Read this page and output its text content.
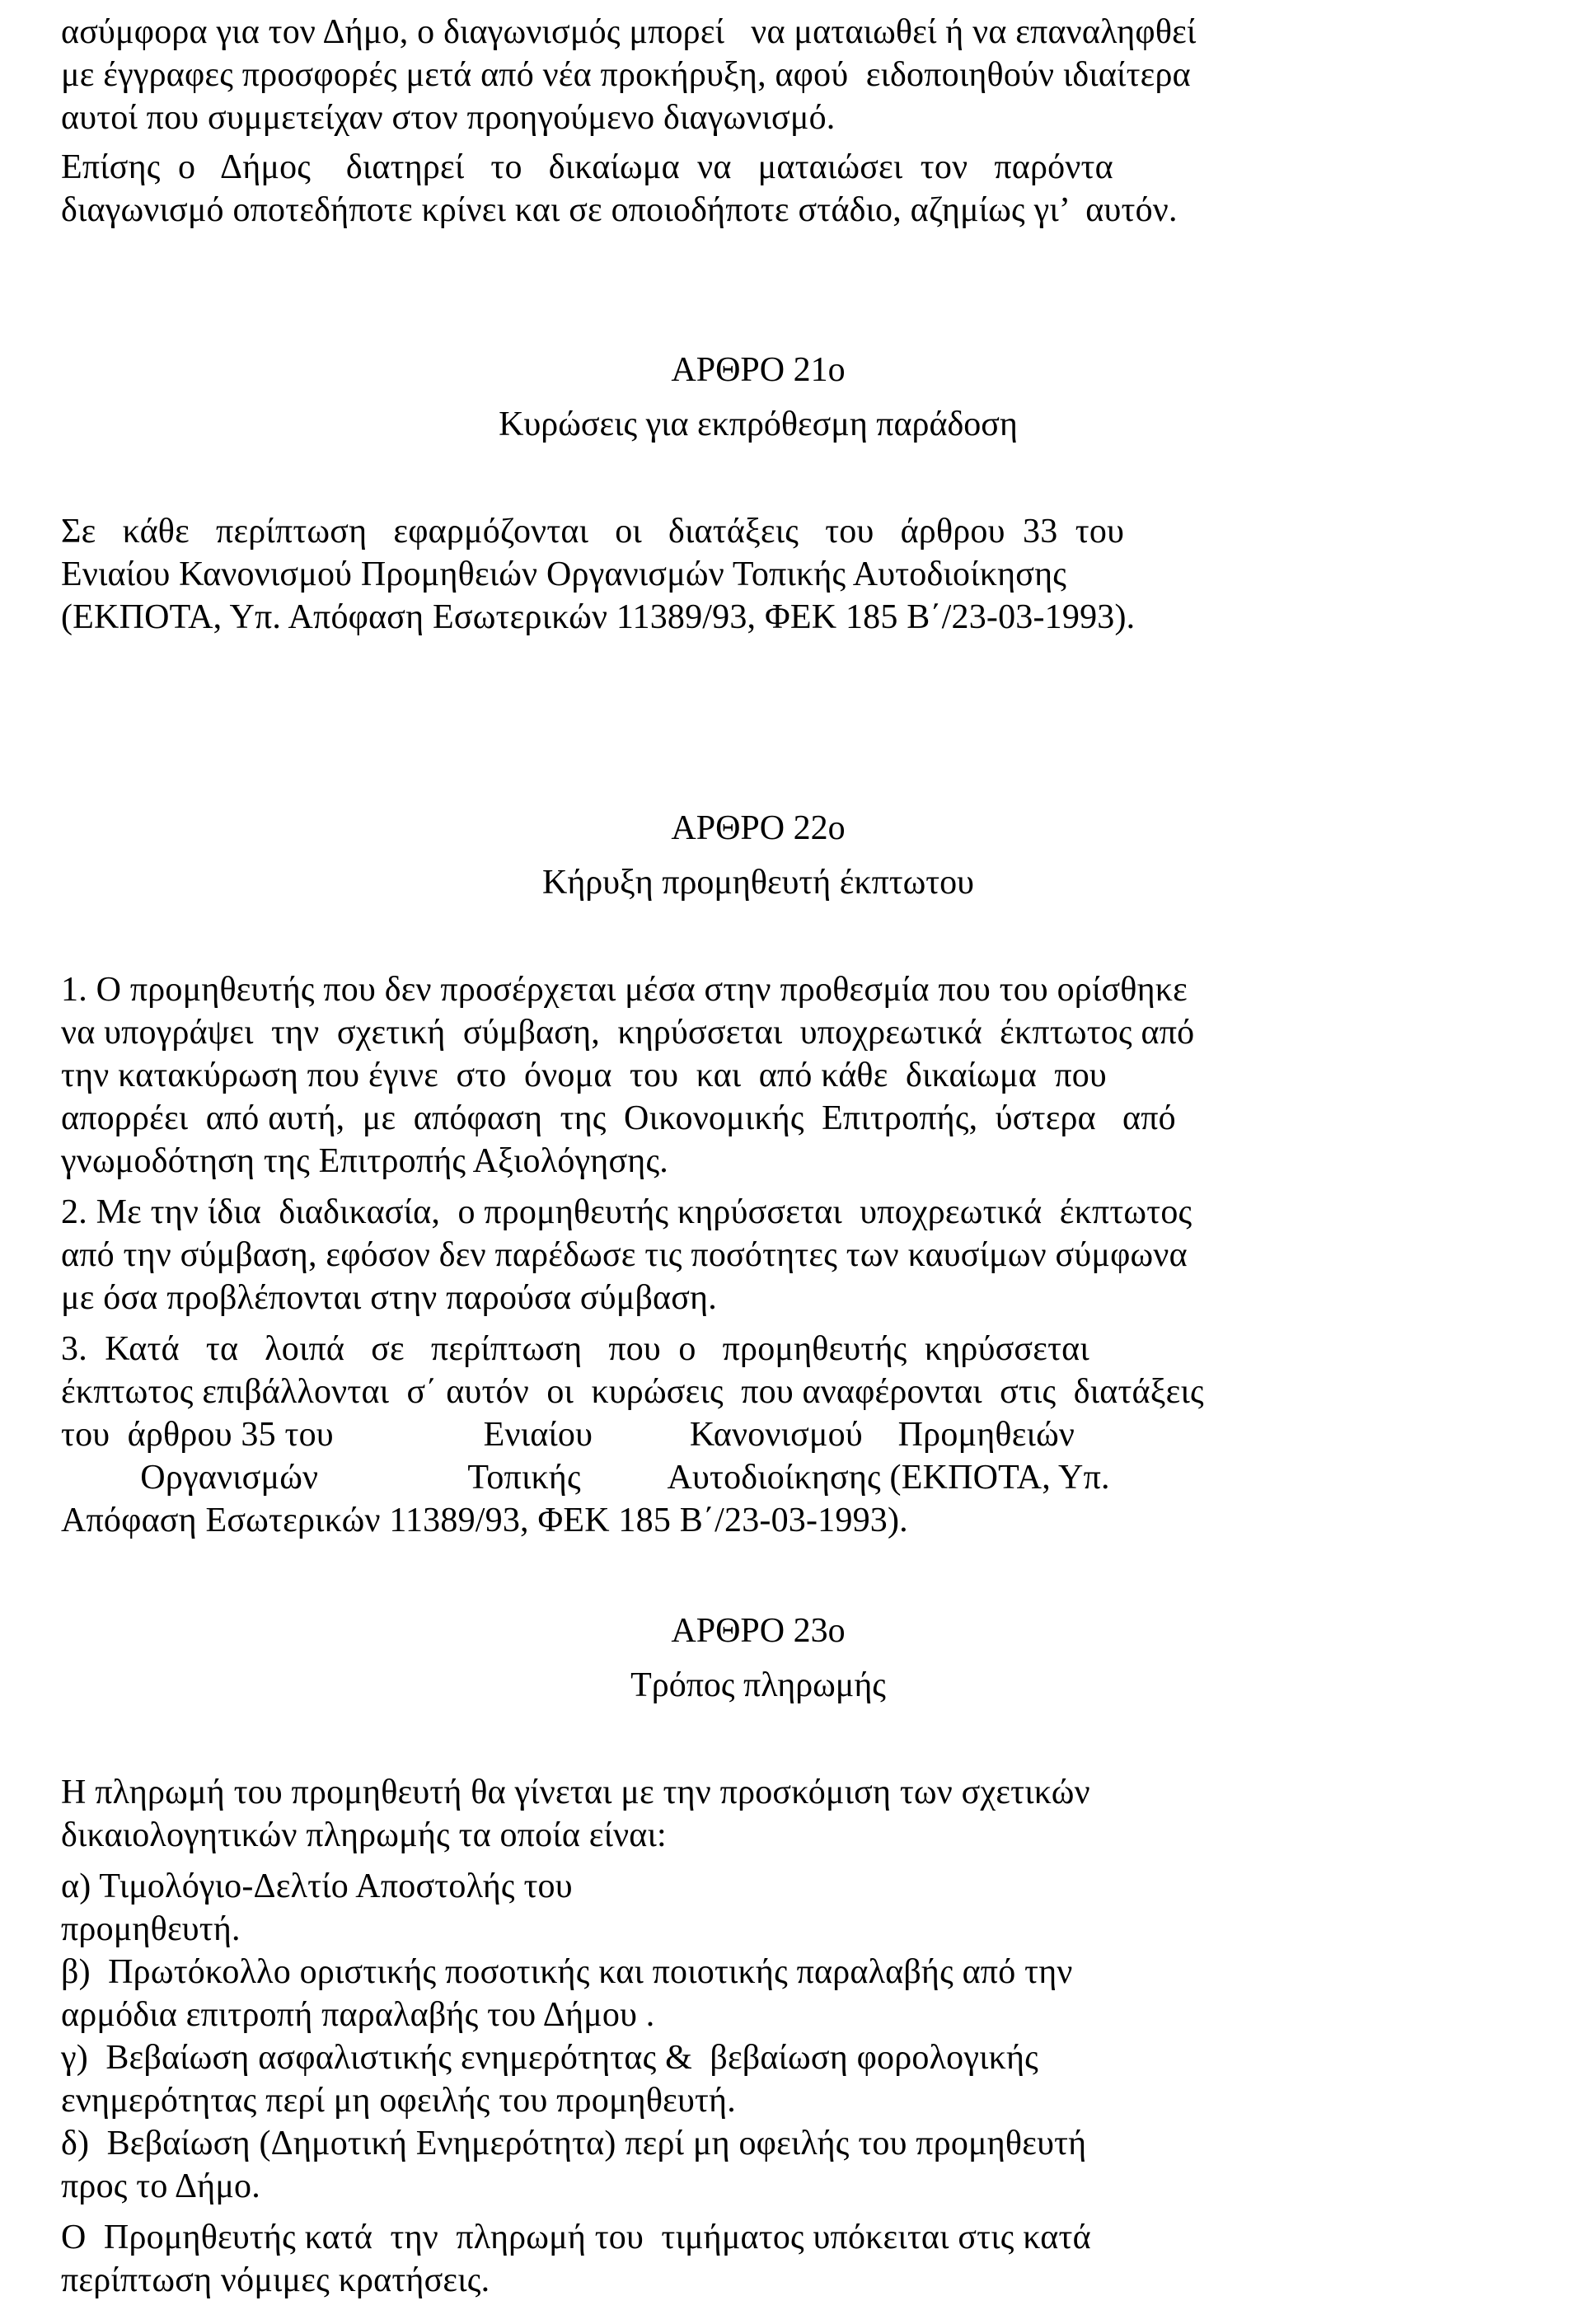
ασύμφορα για τον Δήμο, ο διαγωνισμός μπορεί   να ματαιωθεί ή να επαναληφθεί
με έγγραφες προσφορές μετά από νέα προκήρυξη, αφού  ειδοποιηθούν ιδιαίτερα
αυτοί που συμμετείχαν στον προηγούμενο διαγωνισμό.
Επίσης  ο   Δήμος    διατηρεί   το   δικαίωμα  να   ματαιώσει  τον   παρόντα
διαγωνισμό οποτεδήποτε κρίνει και σε οποιοδήποτε στάδιο, αζημίως γι’  αυτόν.
ΑΡΘΡΟ 21ο
Κυρώσεις για εκπρόθεσμη παράδοση
Σε   κάθε   περίπτωση   εφαρμόζονται   οι   διατάξεις   του   άρθρου  33  του
Ενιαίου Κανονισμού Προμηθειών Οργανισμών Τοπικής Αυτοδιοίκησης
(ΕΚΠΟΤΑ, Υπ. Απόφαση Εσωτερικών 11389/93, ΦΕΚ 185 Β΄/23-03-1993).
ΑΡΘΡΟ 22ο
Κήρυξη προμηθευτή έκπτωτου
1. Ο προμηθευτής που δεν προσέρχεται μέσα στην προθεσμία που του ορίσθηκε
να υπογράψει  την  σχετική  σύμβαση,  κηρύσσεται  υποχρεωτικά  έκπτωτος από
την κατακύρωση που έγινε  στο  όνομα  του  και  από κάθε  δικαίωμα  που
απορρέει  από αυτή,  με  απόφαση  της  Οικονομικής  Επιτροπής,  ύστερα   από
γνωμοδότηση της Επιτροπής Αξιολόγησης.
2. Με την ίδια  διαδικασία,  ο προμηθευτής κηρύσσεται  υποχρεωτικά  έκπτωτος
από την σύμβαση, εφόσον δεν παρέδωσε τις ποσότητες των καυσίμων σύμφωνα
με όσα προβλέπονται στην παρούσα σύμβαση.
3.  Κατά   τα   λοιπά   σε   περίπτωση   που  ο   προμηθευτής  κηρύσσεται
έκπτωτος επιβάλλονται  σ΄ αυτόν  οι  κυρώσεις  που αναφέρονται  στις  διατάξεις
του  άρθρου 35 του                 Ενιαίου           Κανονισμού    Προμηθειών
Οργανισμών                 Τοπικής          Αυτοδιοίκησης (ΕΚΠΟΤΑ, Υπ.
Απόφαση Εσωτερικών 11389/93, ΦΕΚ 185 Β΄/23-03-1993).
ΑΡΘΡΟ 23ο
Τρόπος πληρωμής
Η πληρωμή του προμηθευτή θα γίνεται με την προσκόμιση των σχετικών
δικαιολογητικών πληρωμής τα οποία είναι:
α) Τιμολόγιο-Δελτίο Αποστολής του
προμηθευτή.
β)  Πρωτόκολλο οριστικής ποσοτικής και ποιοτικής παραλαβής από την
αρμόδια επιτροπή παραλαβής του Δήμου .
γ)  Βεβαίωση ασφαλιστικής ενημερότητας &  βεβαίωση φορολογικής
ενημερότητας περί μη οφειλής του προμηθευτή.
δ)  Βεβαίωση (Δημοτική Ενημερότητα) περί μη οφειλής του προμηθευτή
προς το Δήμο.
Ο  Προμηθευτής κατά  την  πληρωμή του  τιμήματος υπόκειται στις κατά
περίπτωση νόμιμες κρατήσεις.
